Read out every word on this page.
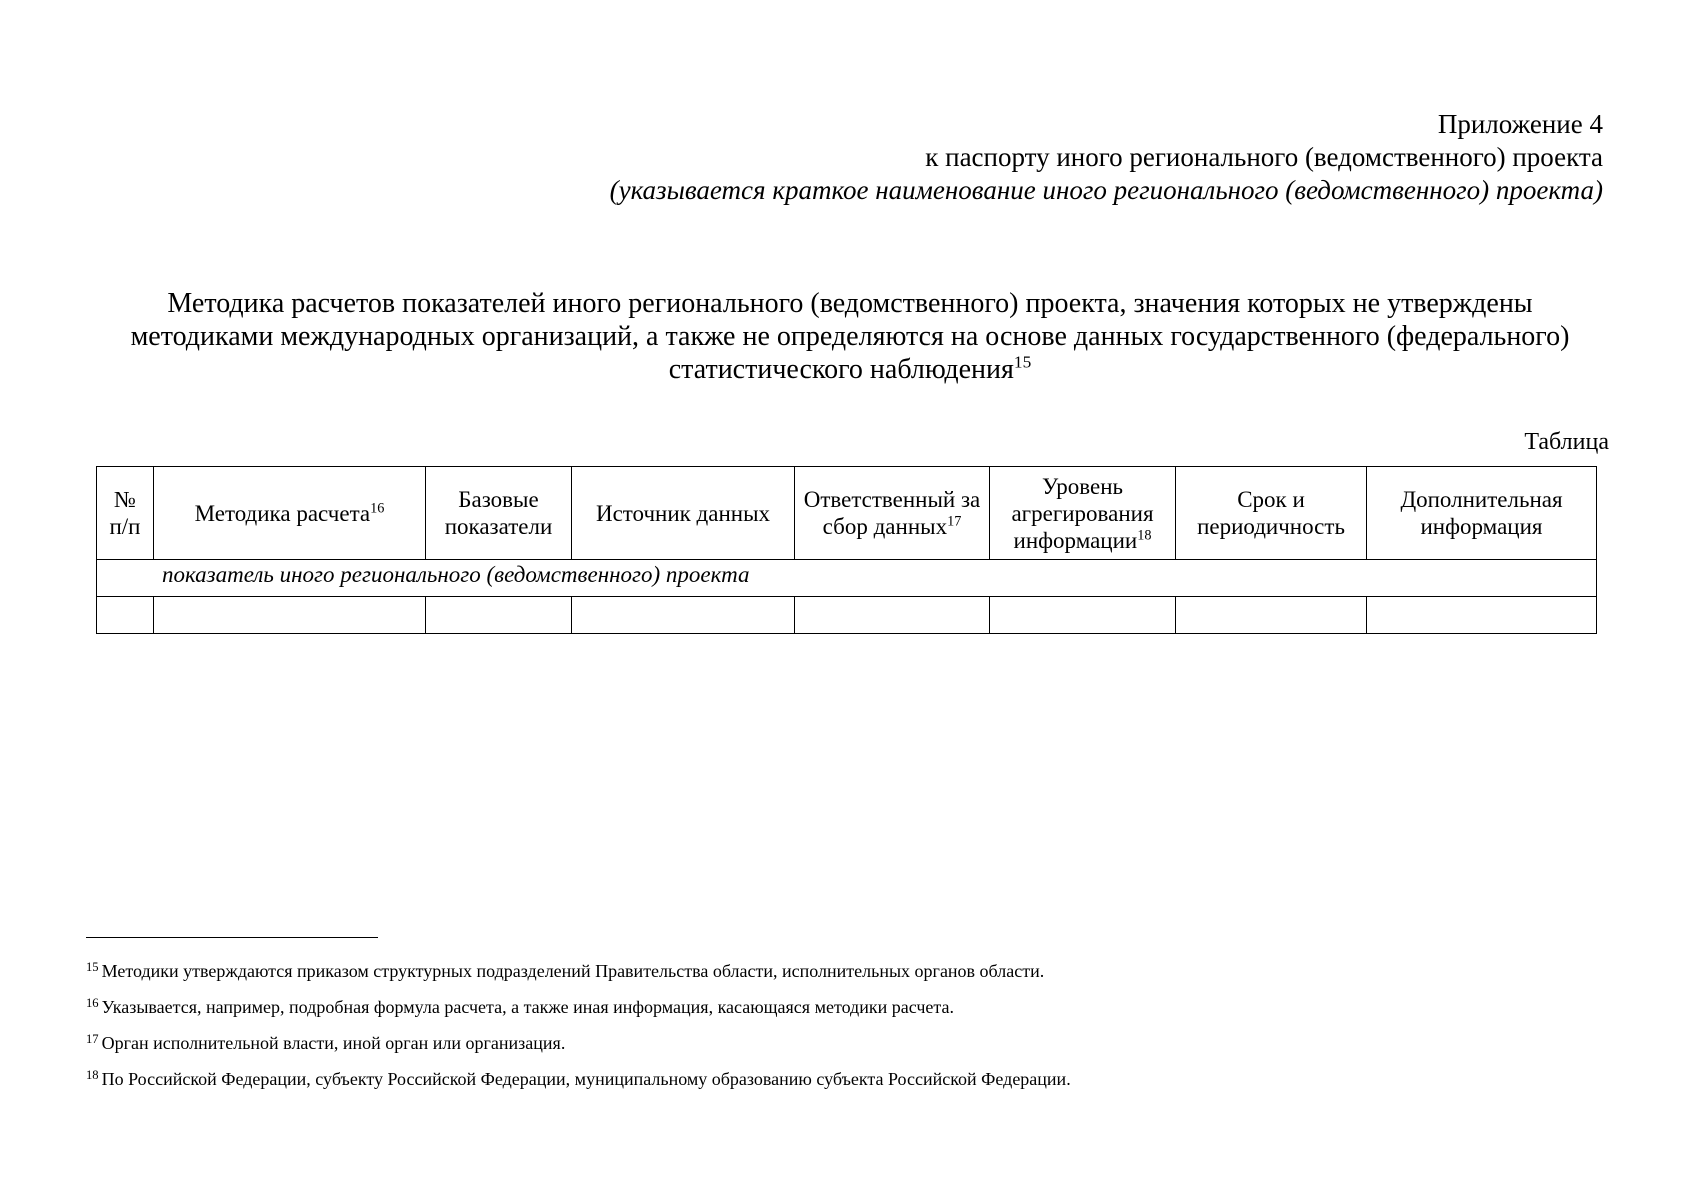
Приложение 4
к паспорту иного регионального (ведомственного) проекта
(указывается краткое наименование иного регионального (ведомственного) проекта)
Методика расчетов показателей иного регионального (ведомственного) проекта, значения которых не утверждены
методиками международных организаций, а также не определяются на основе данных государственного (федерального)
статистического наблюдения$^{15}$
Таблица
№ п/п	Методика расчета$^{16}$	Базовые показатели	Источник данных	Ответственный за сбор данных$^{17}$	Уровень агрегирования информации$^{18}$	Срок и периодичность	Дополнительная информация
показатель иного регионального (ведомственного) проекта							

$^{15}$ Методики утверждаются приказом структурных подразделений Правительства области, исполнительных органов области.
$^{16}$ Указывается, например, подробная формула расчета, а также иная информация, касающаяся методики расчета.
$^{17}$ Орган исполнительной власти, иной орган или организация.
$^{18}$ По Российской Федерации, субъекту Российской Федерации, муниципальному образованию субъекта Российской Федерации.
